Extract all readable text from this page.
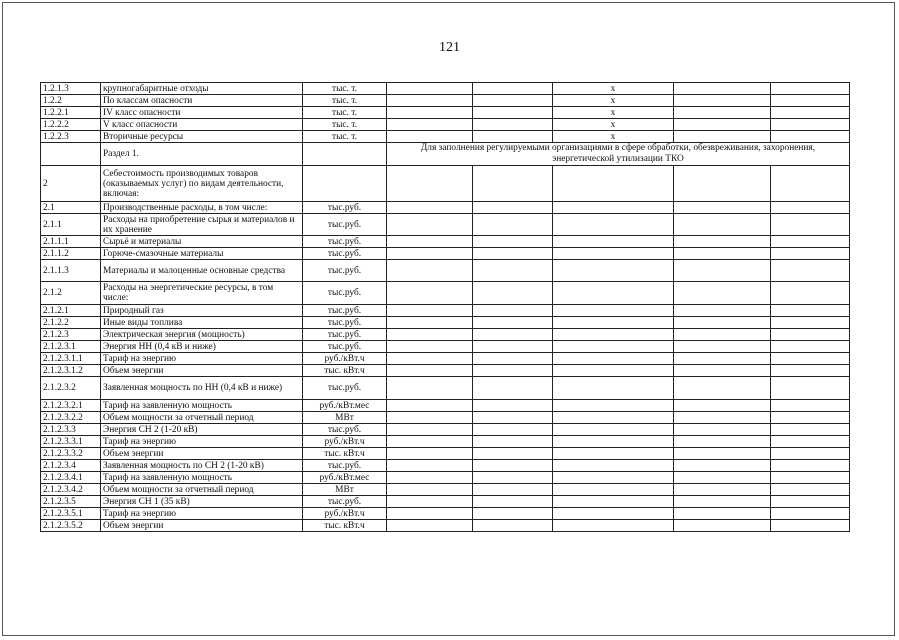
121
1.2.1.3	крупногабаритные отходы	тыс. т.			х		
1.2.2	По классам опасности	тыс. т.			х		
1.2.2.1	IV класс опасности	тыс. т.			х		
1.2.2.2	V класс опасности	тыс. т.			х		
1.2.2.3	Вторичные ресурсы	тыс. т.			х		
	Раздел 1.		Для заполнения регулируемыми организациями в сфере обработки, обезвреживания, захоронения, энергетической утилизации ТКО				
2	Себестоимость производимых товаров (оказываемых услуг) по видам деятельности, включая:						
2.1	Производственные расходы, в том числе:	тыс.руб.					
2.1.1	Расходы на приобретение сырья и материалов и их хранение	тыс.руб.					
2.1.1.1	Сырьё и материалы	тыс.руб.					
2.1.1.2	Горюче-смазочные материалы	тыс.руб.					
2.1.1.3	Материалы и малоценные основные средства	тыс.руб.					
2.1.2	Расходы на энергетические ресурсы, в том числе:	тыс.руб.					
2.1.2.1	Природный газ	тыс.руб.					
2.1.2.2	Иные виды топлива	тыс.руб.					
2.1.2.3	Электрическая энергия (мощность)	тыс.руб.					
2.1.2.3.1	Энергия НН (0,4 кВ и ниже)	тыс.руб.					
2.1.2.3.1.1	Тариф на энергию	руб./кВт.ч					
2.1.2.3.1.2	Объем энергии	тыс. кВт.ч					
2.1.2.3.2	Заявленная мощность по НН (0,4 кВ и ниже)	тыс.руб.					
2.1.2.3.2.1	Тариф на заявленную мощность	руб./кВт.мес					
2.1.2.3.2.2	Объем мощности за отчетный период	МВт					
2.1.2.3.3	Энергия СН 2 (1-20 кВ)	тыс.руб.					
2.1.2.3.3.1	Тариф на энергию	руб./кВт.ч					
2.1.2.3.3.2	Объем энергии	тыс. кВт.ч					
2.1.2.3.4	Заявленная мощность по СН 2 (1-20 кВ)	тыс.руб.					
2.1.2.3.4.1	Тариф на заявленную мощность	руб./кВт.мес					
2.1.2.3.4.2	Объем мощности за отчетный период	МВт					
2.1.2.3.5	Энергия СН 1 (35 кВ)	тыс.руб.					
2.1.2.3.5.1	Тариф на энергию	руб./кВт.ч					
2.1.2.3.5.2	Объем энергии	тыс. кВт.ч					
